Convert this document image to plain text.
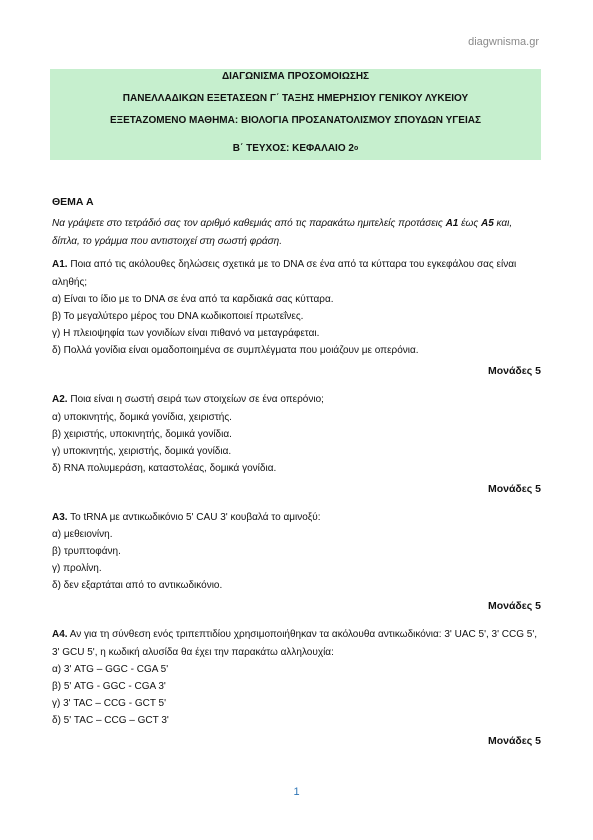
diagwnisma.gr
ΔΙΑΓΩΝΙΣΜΑ ΠΡΟΣΟΜΟΙΩΣΗΣ
ΠΑΝΕΛΛΑΔΙΚΩΝ ΕΞΕΤΑΣΕΩΝ Γ΄ ΤΑΞΗΣ ΗΜΕΡΗΣΙΟΥ ΓΕΝΙΚΟΥ ΛΥΚΕΙΟΥ
ΕΞΕΤΑΖΟΜΕΝΟ ΜΑΘΗΜΑ: ΒΙΟΛΟΓΙΑ ΠΡΟΣΑΝΑΤΟΛΙΣΜΟΥ ΣΠΟΥΔΩΝ ΥΓΕΙΑΣ
Β΄ ΤΕΥΧΟΣ: ΚΕΦΑΛΑΙΟ $2^o$

ΘΕΜΑ Α

Να γράψετε στο τετράδιό σας τον αριθμό καθεμιάς από τις παρακάτω ημιτελείς προτάσεις Α1 έως Α5 και, δίπλα, το γράμμα που αντιστοιχεί στη σωστή φράση.

Α1. Ποια από τις ακόλουθες δηλώσεις σχετικά με το DNA σε ένα από τα κύτταρα του εγκεφάλου σας είναι αληθής;

α) Είναι το ίδιο με το DNA σε ένα από τα καρδιακά σας κύτταρα.

β) Το μεγαλύτερο μέρος του DNA κωδικοποιεί πρωτεΐνες.

γ) Η πλειοψηφία των γονιδίων είναι πιθανό να μεταγράφεται.

δ) Πολλά γονίδια είναι ομαδοποιημένα σε συμπλέγματα που μοιάζουν με οπερόνια.

Μονάδες 5

Α2. Ποια είναι η σωστή σειρά των στοιχείων σε ένα οπερόνιο;

α) υποκινητής, δομικά γονίδια, χειριστής.

β) χειριστής, υποκινητής, δομικά γονίδια.

γ) υποκινητής, χειριστής, δομικά γονίδια.

δ) RNA πολυμεράση, καταστολέας, δομικά γονίδια.

Μονάδες 5

Α3. Το tRNA με αντικωδικόνιο 5' CAU 3' κουβαλά το αμινοξύ:

α) μεθειονίνη.

β) τρυπτοφάνη.

γ) προλίνη.

δ) δεν εξαρτάται από το αντικωδικόνιο.

Μονάδες 5

Α4. Αν για τη σύνθεση ενός τριπεπτιδίου χρησιμοποιήθηκαν τα ακόλουθα αντικωδικόνια: 3' UAC 5', 3' CCG 5', 3' GCU 5', η κωδική αλυσίδα θα έχει την παρακάτω αλληλουχία:

α) 3' ATG – GGC - CGA 5'

β) 5' ATG - GGC - CGA 3'

γ) 3' TAC – CCG - GCT 5'

δ) 5' TAC – CCG – GCT 3'

Μονάδες 5

1
